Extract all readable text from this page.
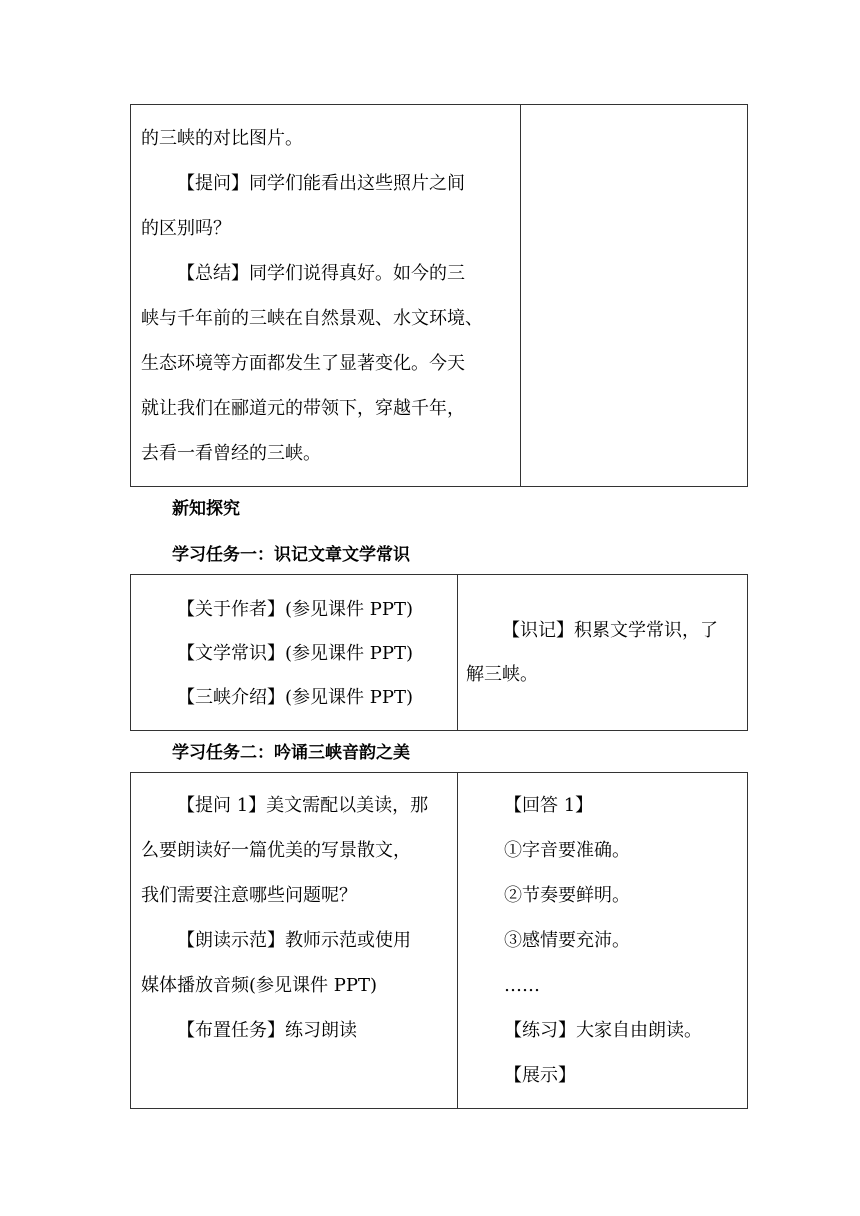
的三峡的对比图片。
【提问】同学们能看出这些照片之间
的区别吗？
【总结】同学们说得真好。如今的三
峡与千年前的三峡在自然景观、水文环境、
生态环境等方面都发生了显著变化。今天
就让我们在郦道元的带领下，穿越千年，
去看一看曾经的三峡。

新知探究
学习任务一：识记文章文学常识
【关于作者】(参见课件 PPT)
【文学常识】(参见课件 PPT)
【三峡介绍】(参见课件 PPT)

【识记】积累文学常识，了
解三峡。
学习任务二：吟诵三峡音韵之美
【提问 1】美文需配以美读，那
么要朗读好一篇优美的写景散文，
我们需要注意哪些问题呢？
【朗读示范】教师示范或使用
媒体播放音频(参见课件 PPT)
【布置任务】练习朗读

【回答 1】
①字音要准确。
②节奏要鲜明。
③感情要充沛。
……
【练习】大家自由朗读。
【展示】
